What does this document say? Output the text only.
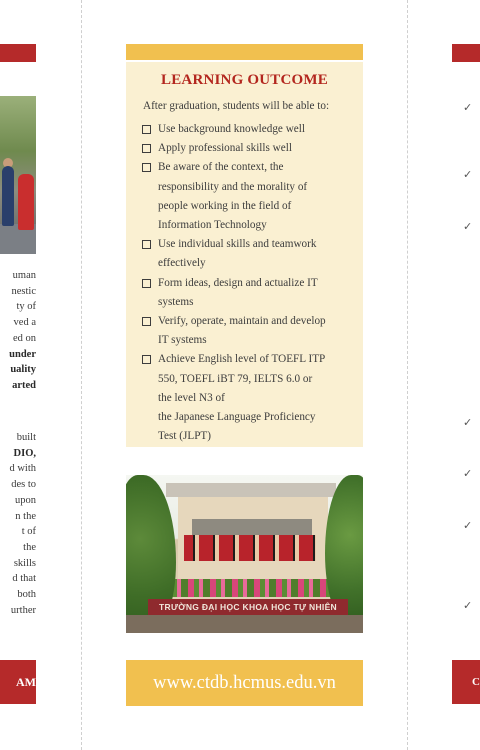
uman
nestic
ty of
ved a
ed on
under
uality
arted
built
DIO,
d with
des to
upon
n the
t of
the
skills
d that
both
urther
AM
LEARNING OUTCOME
After graduation, students will be able to:
Use background knowledge well
Apply professional skills well
Be aware of the context, the
responsibility and the morality of
people working in the field of
Information Technology
Use individual skills and teamwork
effectively
Form ideas, design and actualize IT
systems
Verify, operate, maintain and develop
IT systems
Achieve English level of TOEFL ITP
550, TOEFL iBT 79, IELTS 6.0 or
the level N3 of
the Japanese Language Proficiency
Test (JLPT)
TRƯỜNG ĐẠI HỌC KHOA HỌC TỰ NHIÊN
www.ctdb.hcmus.edu.vn
✓
✓
✓
✓
✓
✓
✓
C
